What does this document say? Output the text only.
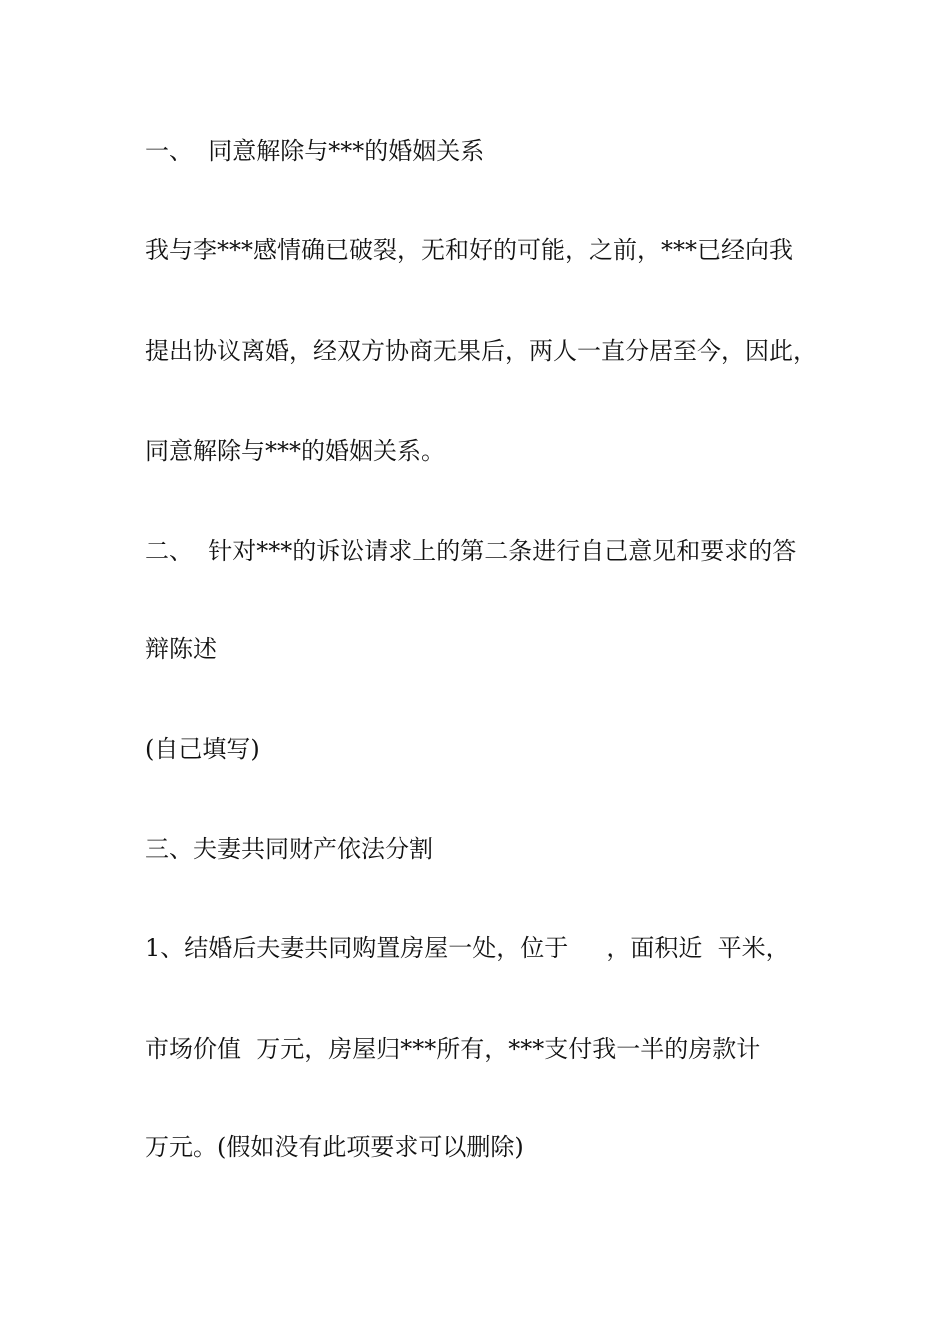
一、  同意解除与***的婚姻关系
我与李***感情确已破裂，无和好的可能，之前，***已经向我
提出协议离婚，经双方协商无果后，两人一直分居至今，因此，
同意解除与***的婚姻关系。
二、  针对***的诉讼请求上的第二条进行自己意见和要求的答
辩陈述
(自己填写)
三、夫妻共同财产依法分割
1、结婚后夫妻共同购置房屋一处，位于     ，面积近  平米，
市场价值  万元，房屋归***所有，***支付我一半的房款计
万元。(假如没有此项要求可以删除)
